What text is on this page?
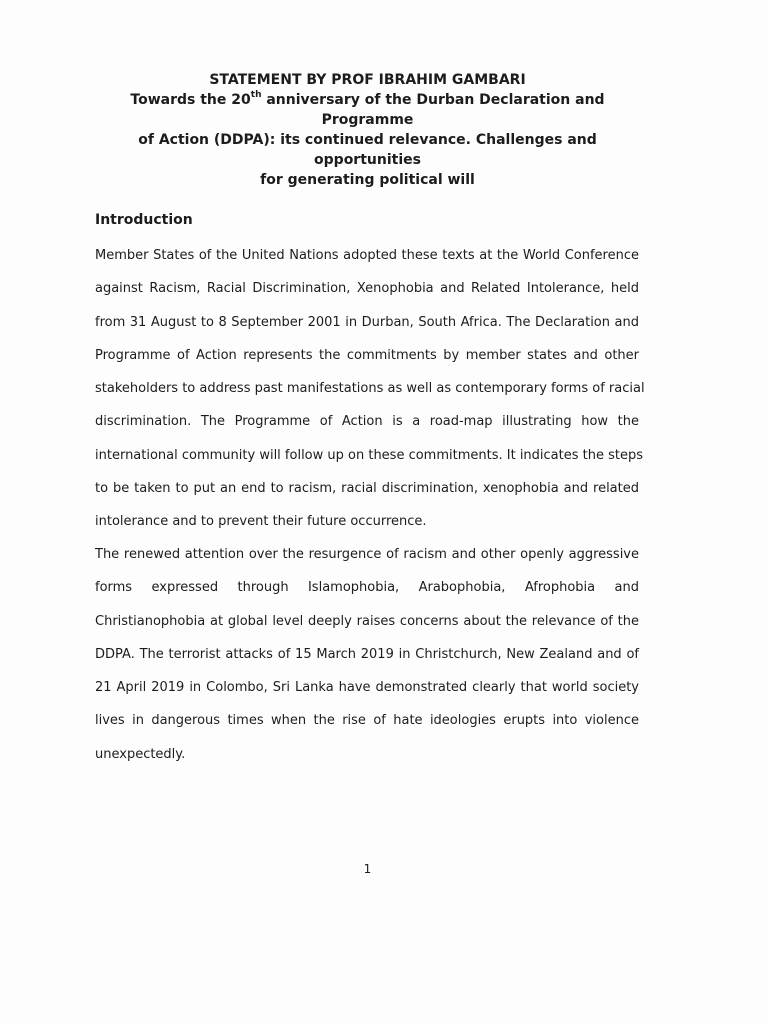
STATEMENT BY PROF IBRAHIM GAMBARI
Towards the 20th anniversary of the Durban Declaration and Programme
of Action (DDPA): its continued relevance. Challenges and opportunities
for generating political will
Introduction
Member States of the United Nations adopted these texts at the World Conference
against Racism, Racial Discrimination, Xenophobia and Related Intolerance, held
from 31 August to 8 September 2001 in Durban, South Africa. The Declaration and
Programme of Action represents the commitments by member states and other
stakeholders to address past manifestations as well as contemporary forms of racial
discrimination. The Programme of Action is a road-map illustrating how the
international community will follow up on these commitments. It indicates the steps
to be taken to put an end to racism, racial discrimination, xenophobia and related
intolerance and to prevent their future occurrence.
The renewed attention over the resurgence of racism and other openly aggressive
forms expressed through Islamophobia, Arabophobia, Afrophobia and
Christianophobia at global level deeply raises concerns about the relevance of the
DDPA. The terrorist attacks of 15 March 2019 in Christchurch, New Zealand and of
21 April 2019 in Colombo, Sri Lanka have demonstrated clearly that world society
lives in dangerous times when the rise of hate ideologies erupts into violence
unexpectedly.
1
